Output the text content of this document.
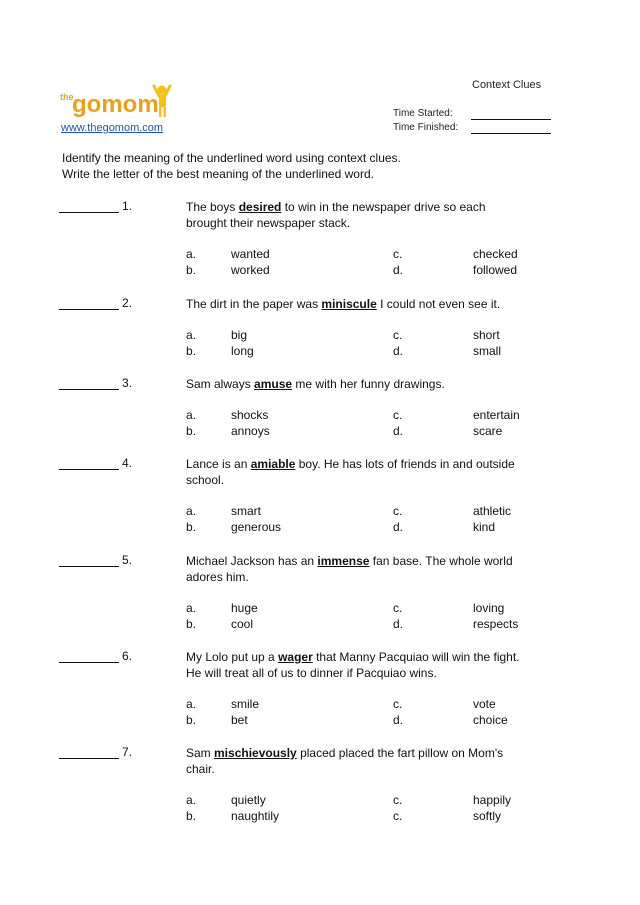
Context Clues
the
gomom
www.thegomom.com
Time Started:
Time Finished:
Identify the meaning of the underlined word using context clues.
Write the letter of the best meaning of the underlined word.
1.	The boys desired to win in the newspaper drive so each brought their newspaper stack.
a.	wanted
b.	worked
c.	checked
d.	followed
2.	The dirt in the paper was miniscule I could not even see it.
a.	big
b.	long
c.	short
d.	small
3.	Sam always amuse me with her funny drawings.
a.	shocks
b.	annoys
c.	entertain
d.	scare
4.	Lance is an amiable boy. He has lots of friends in and outside school.
a.	smart
b.	generous
c.	athletic
d.	kind
5.	Michael Jackson has an immense fan base. The whole world adores him.
a.	huge
b.	cool
c.	loving
d.	respects
6.	My Lolo put up a wager that Manny Pacquiao will win the fight. He will treat all of us to dinner if Pacquiao wins.
a.	smile
b.	bet
c.	vote
d.	choice
7.	Sam mischievously placed placed the fart pillow on Mom's chair.
a.	quietly
b.	naughtily
c.	happily
c.	softly
